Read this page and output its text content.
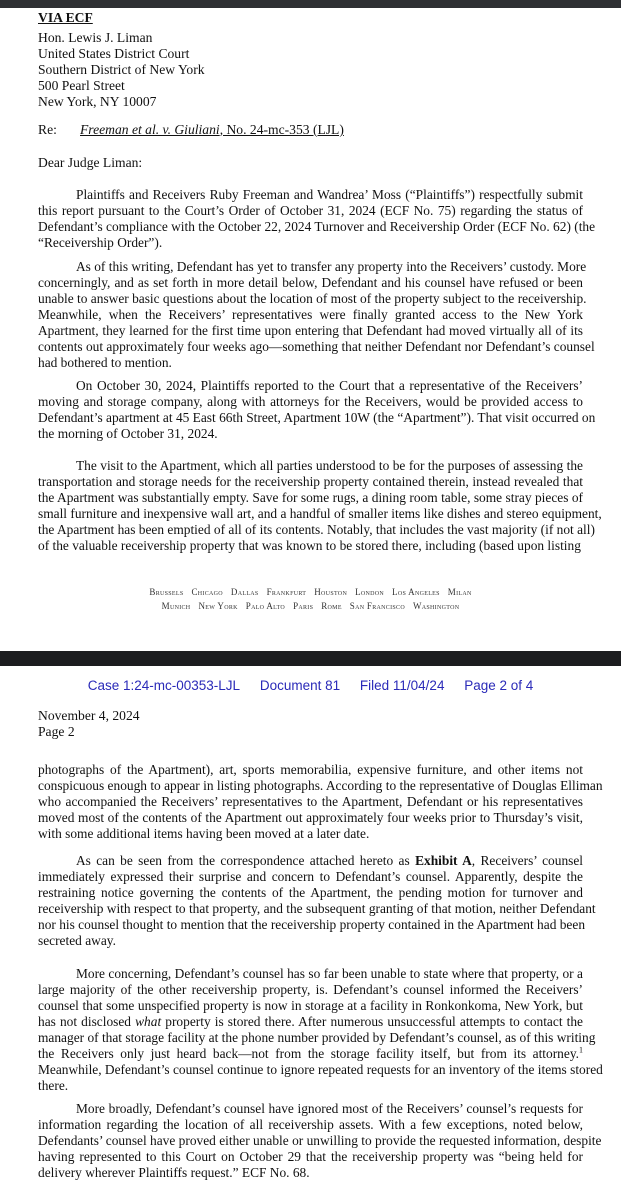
VIA ECF
Hon. Lewis J. Liman
United States District Court
Southern District of New York
500 Pearl Street
New York, NY 10007
Re: Freeman et al. v. Giuliani, No. 24-mc-353 (LJL)
Dear Judge Liman:
Plaintiffs and Receivers Ruby Freeman and Wandrea’ Moss (“Plaintiffs”) respectfully submit
this report pursuant to the Court’s Order of October 31, 2024 (ECF No. 75) regarding the status of
Defendant’s compliance with the October 22, 2024 Turnover and Receivership Order (ECF No. 62) (the
“Receivership Order”).
As of this writing, Defendant has yet to transfer any property into the Receivers’ custody. More
concerningly, and as set forth in more detail below, Defendant and his counsel have refused or been
unable to answer basic questions about the location of most of the property subject to the receivership.
Meanwhile, when the Receivers’ representatives were finally granted access to the New York
Apartment, they learned for the first time upon entering that Defendant had moved virtually all of its
contents out approximately four weeks ago—something that neither Defendant nor Defendant’s counsel
had bothered to mention.
On October 30, 2024, Plaintiffs reported to the Court that a representative of the Receivers’
moving and storage company, along with attorneys for the Receivers, would be provided access to
Defendant’s apartment at 45 East 66th Street, Apartment 10W (the “Apartment”). That visit occurred on
the morning of October 31, 2024.
The visit to the Apartment, which all parties understood to be for the purposes of assessing the
transportation and storage needs for the receivership property contained therein, instead revealed that
the Apartment was substantially empty. Save for some rugs, a dining room table, some stray pieces of
small furniture and inexpensive wall art, and a handful of smaller items like dishes and stereo equipment,
the Apartment has been emptied of all of its contents. Notably, that includes the vast majority (if not all)
of the valuable receivership property that was known to be stored there, including (based upon listing
Brussels Chicago Dallas Frankfurt Houston London Los Angeles Milan
Munich New York Palo Alto Paris Rome San Francisco Washington
Case 1:24-mc-00353-LJL Document 81 Filed 11/04/24 Page 2 of 4
November 4, 2024
Page 2
photographs of the Apartment), art, sports memorabilia, expensive furniture, and other items not
conspicuous enough to appear in listing photographs. According to the representative of Douglas Elliman
who accompanied the Receivers’ representatives to the Apartment, Defendant or his representatives
moved most of the contents of the Apartment out approximately four weeks prior to Thursday’s visit,
with some additional items having been moved at a later date.
As can be seen from the correspondence attached hereto as Exhibit A, Receivers’ counsel
immediately expressed their surprise and concern to Defendant’s counsel. Apparently, despite the
restraining notice governing the contents of the Apartment, the pending motion for turnover and
receivership with respect to that property, and the subsequent granting of that motion, neither Defendant
nor his counsel thought to mention that the receivership property contained in the Apartment had been
secreted away.
More concerning, Defendant’s counsel has so far been unable to state where that property, or a
large majority of the other receivership property, is. Defendant’s counsel informed the Receivers’
counsel that some unspecified property is now in storage at a facility in Ronkonkoma, New York, but
has not disclosed what property is stored there. After numerous unsuccessful attempts to contact the
manager of that storage facility at the phone number provided by Defendant’s counsel, as of this writing
the Receivers only just heard back—not from the storage facility itself, but from its attorney.$^1$
Meanwhile, Defendant’s counsel continue to ignore repeated requests for an inventory of the items stored
there.
More broadly, Defendant’s counsel have ignored most of the Receivers’ counsel’s requests for
information regarding the location of all receivership assets. With a few exceptions, noted below,
Defendants’ counsel have proved either unable or unwilling to provide the requested information, despite
having represented to this Court on October 29 that the receivership property was “being held for
delivery wherever Plaintiffs request.” ECF No. 68.
